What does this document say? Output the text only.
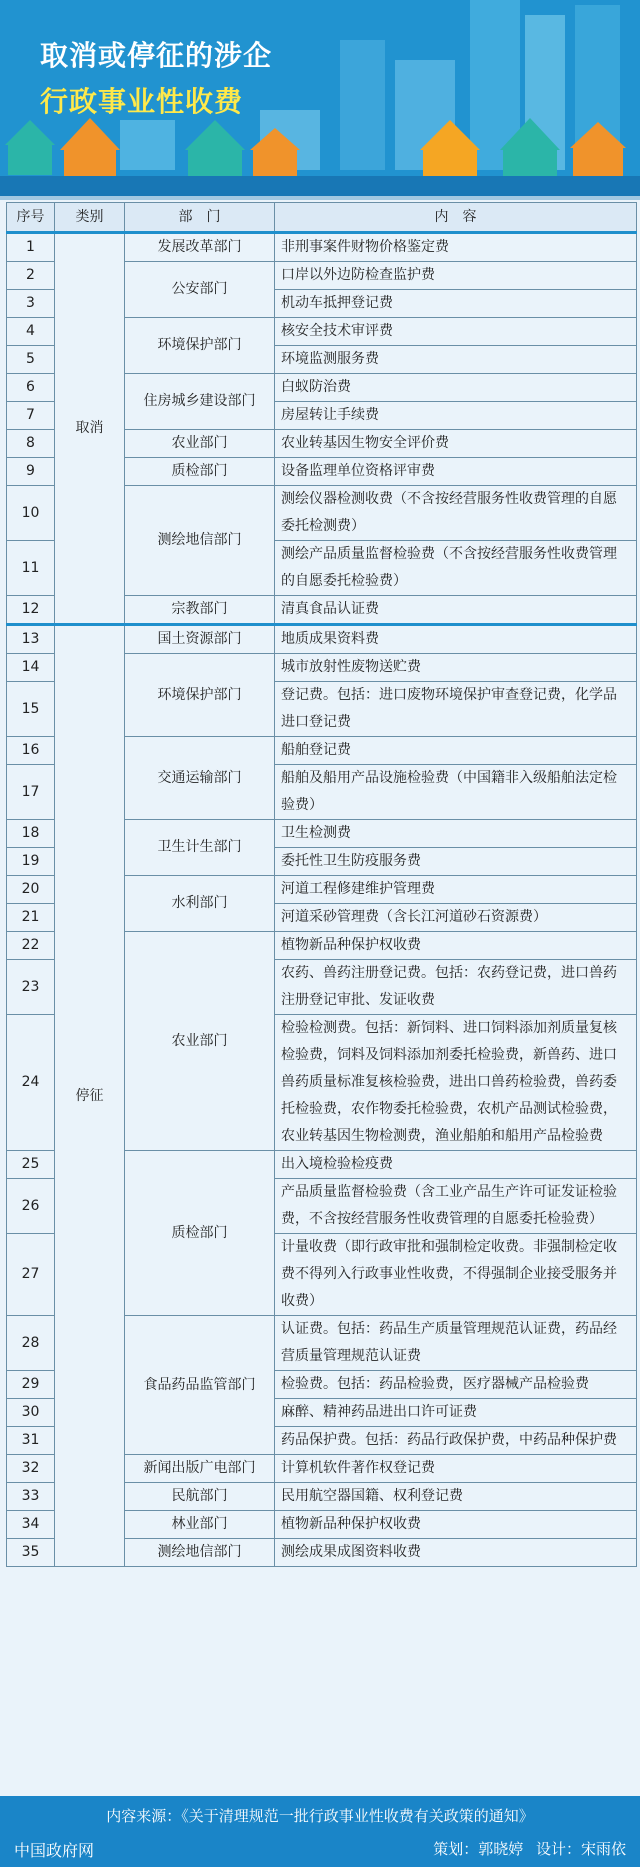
取消或停征的涉企
行政事业性收费
序号	类别	部　门	内　容
1	取消	发展改革部门	非刑事案件财物价格鉴定费
2		公安部门	口岸以外边防检查监护费
3			机动车抵押登记费
4		环境保护部门	核安全技术审评费
5			环境监测服务费
6		住房城乡建设部门	白蚁防治费
7			房屋转让手续费
8		农业部门	农业转基因生物安全评价费
9		质检部门	设备监理单位资格评审费
10		测绘地信部门	测绘仪器检测收费（不含按经营服务性收费管理的自愿委托检测费）
11			测绘产品质量监督检验费（不含按经营服务性收费管理的自愿委托检验费）
12		宗教部门	清真食品认证费
13	停征	国土资源部门	地质成果资料费
14		环境保护部门	城市放射性废物送贮费
15			登记费。包括：进口废物环境保护审查登记费，化学品进口登记费
16		交通运输部门	船舶登记费
17			船舶及船用产品设施检验费（中国籍非入级船舶法定检验费）
18		卫生计生部门	卫生检测费
19			委托性卫生防疫服务费
20		水利部门	河道工程修建维护管理费
21			河道采砂管理费（含长江河道砂石资源费）
22		农业部门	植物新品种保护权收费
23			农药、兽药注册登记费。包括：农药登记费，进口兽药注册登记审批、发证收费
24			检验检测费。包括：新饲料、进口饲料添加剂质量复核检验费，饲料及饲料添加剂委托检验费，新兽药、进口兽药质量标准复核检验费，进出口兽药检验费，兽药委托检验费，农作物委托检验费，农机产品测试检验费，农业转基因生物检测费，渔业船舶和船用产品检验费
25		质检部门	出入境检验检疫费
26			产品质量监督检验费（含工业产品生产许可证发证检验费，不含按经营服务性收费管理的自愿委托检验费）
27			计量收费（即行政审批和强制检定收费。非强制检定收费不得列入行政事业性收费，不得强制企业接受服务并收费）
28		食品药品监管部门	认证费。包括：药品生产质量管理规范认证费，药品经营质量管理规范认证费
29			检验费。包括：药品检验费，医疗器械产品检验费
30			麻醉、精神药品进出口许可证费
31			药品保护费。包括：药品行政保护费，中药品种保护费
32		新闻出版广电部门	计算机软件著作权登记费
33		民航部门	民用航空器国籍、权利登记费
34		林业部门	植物新品种保护权收费
35		测绘地信部门	测绘成果成图资料收费
内容来源：《关于清理规范一批行政事业性收费有关政策的通知》
中国政府网	策划：郭晓婷 设计：宋雨依
